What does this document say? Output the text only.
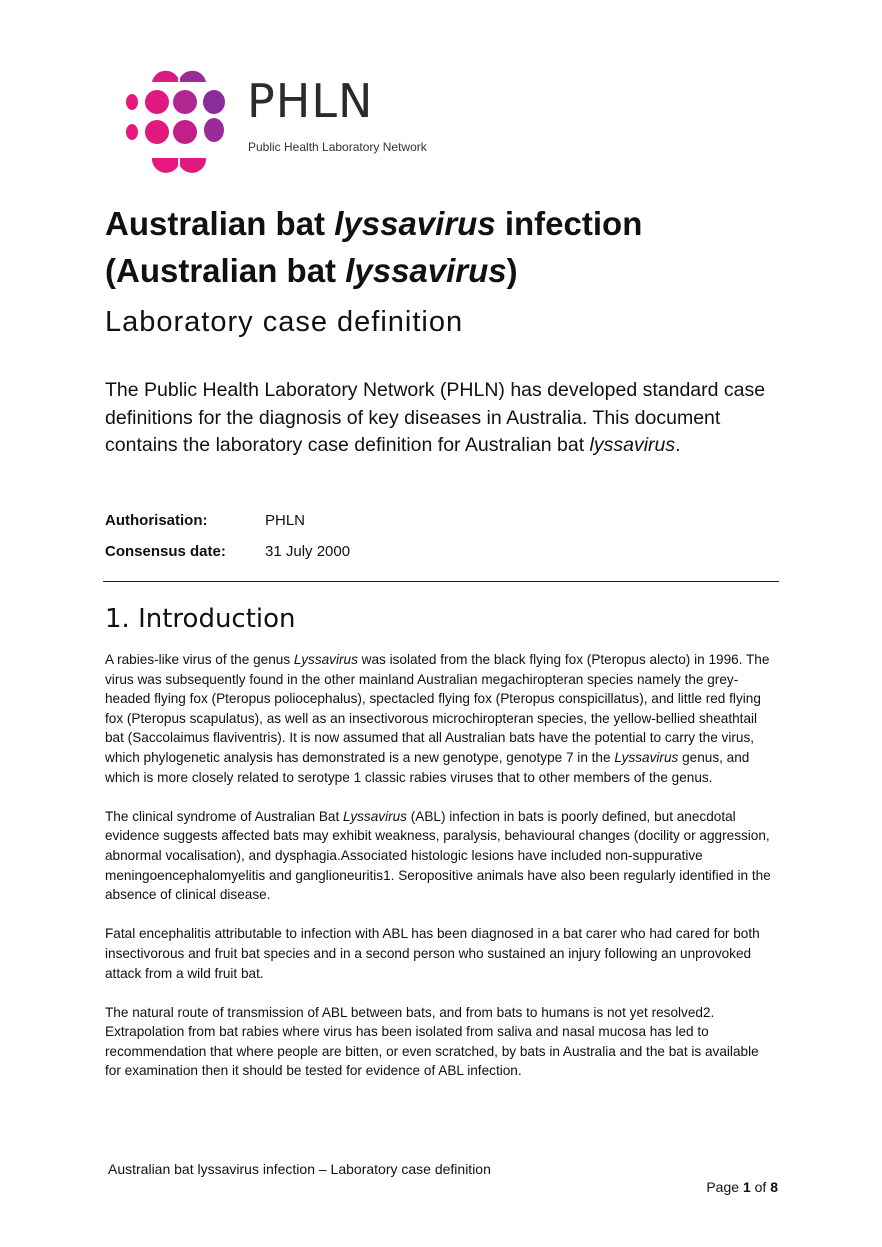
PHLN
Public Health Laboratory Network
Australian bat lyssavirus infection
(Australian bat lyssavirus)
Laboratory case definition

The Public Health Laboratory Network (PHLN) has developed standard case definitions for the diagnosis of key diseases in Australia. This document contains the laboratory case definition for Australian bat lyssavirus.

Authorisation:	PHLN
Consensus date:	31 July 2000
1. Introduction

A rabies-like virus of the genus Lyssavirus was isolated from the black flying fox (Pteropus alecto) in 1996. The virus was subsequently found in the other mainland Australian megachiropteran species namely the grey-headed flying fox (Pteropus poliocephalus), spectacled flying fox (Pteropus conspicillatus), and little red flying fox (Pteropus scapulatus), as well as an insectivorous microchiropteran species, the yellow-bellied sheathtail bat (Saccolaimus flaviventris). It is now assumed that all Australian bats have the potential to carry the virus, which phylogenetic analysis has demonstrated is a new genotype, genotype 7 in the Lyssavirus genus, and which is more closely related to serotype 1 classic rabies viruses that to other members of the genus.

The clinical syndrome of Australian Bat Lyssavirus (ABL) infection in bats is poorly defined, but anecdotal evidence suggests affected bats may exhibit weakness, paralysis, behavioural changes (docility or aggression, abnormal vocalisation), and dysphagia.Associated histologic lesions have included non-suppurative meningoencephalomyelitis and ganglioneuritis1. Seropositive animals have also been regularly identified in the absence of clinical disease.

Fatal encephalitis attributable to infection with ABL has been diagnosed in a bat carer who had cared for both insectivorous and fruit bat species and in a second person who sustained an injury following an unprovoked attack from a wild fruit bat.

The natural route of transmission of ABL between bats, and from bats to humans is not yet resolved2. Extrapolation from bat rabies where virus has been isolated from saliva and nasal mucosa has led to recommendation that where people are bitten, or even scratched, by bats in Australia and the bat is available for examination then it should be tested for evidence of ABL infection.

Australian bat lyssavirus infection – Laboratory case definition
Page 1 of 8
